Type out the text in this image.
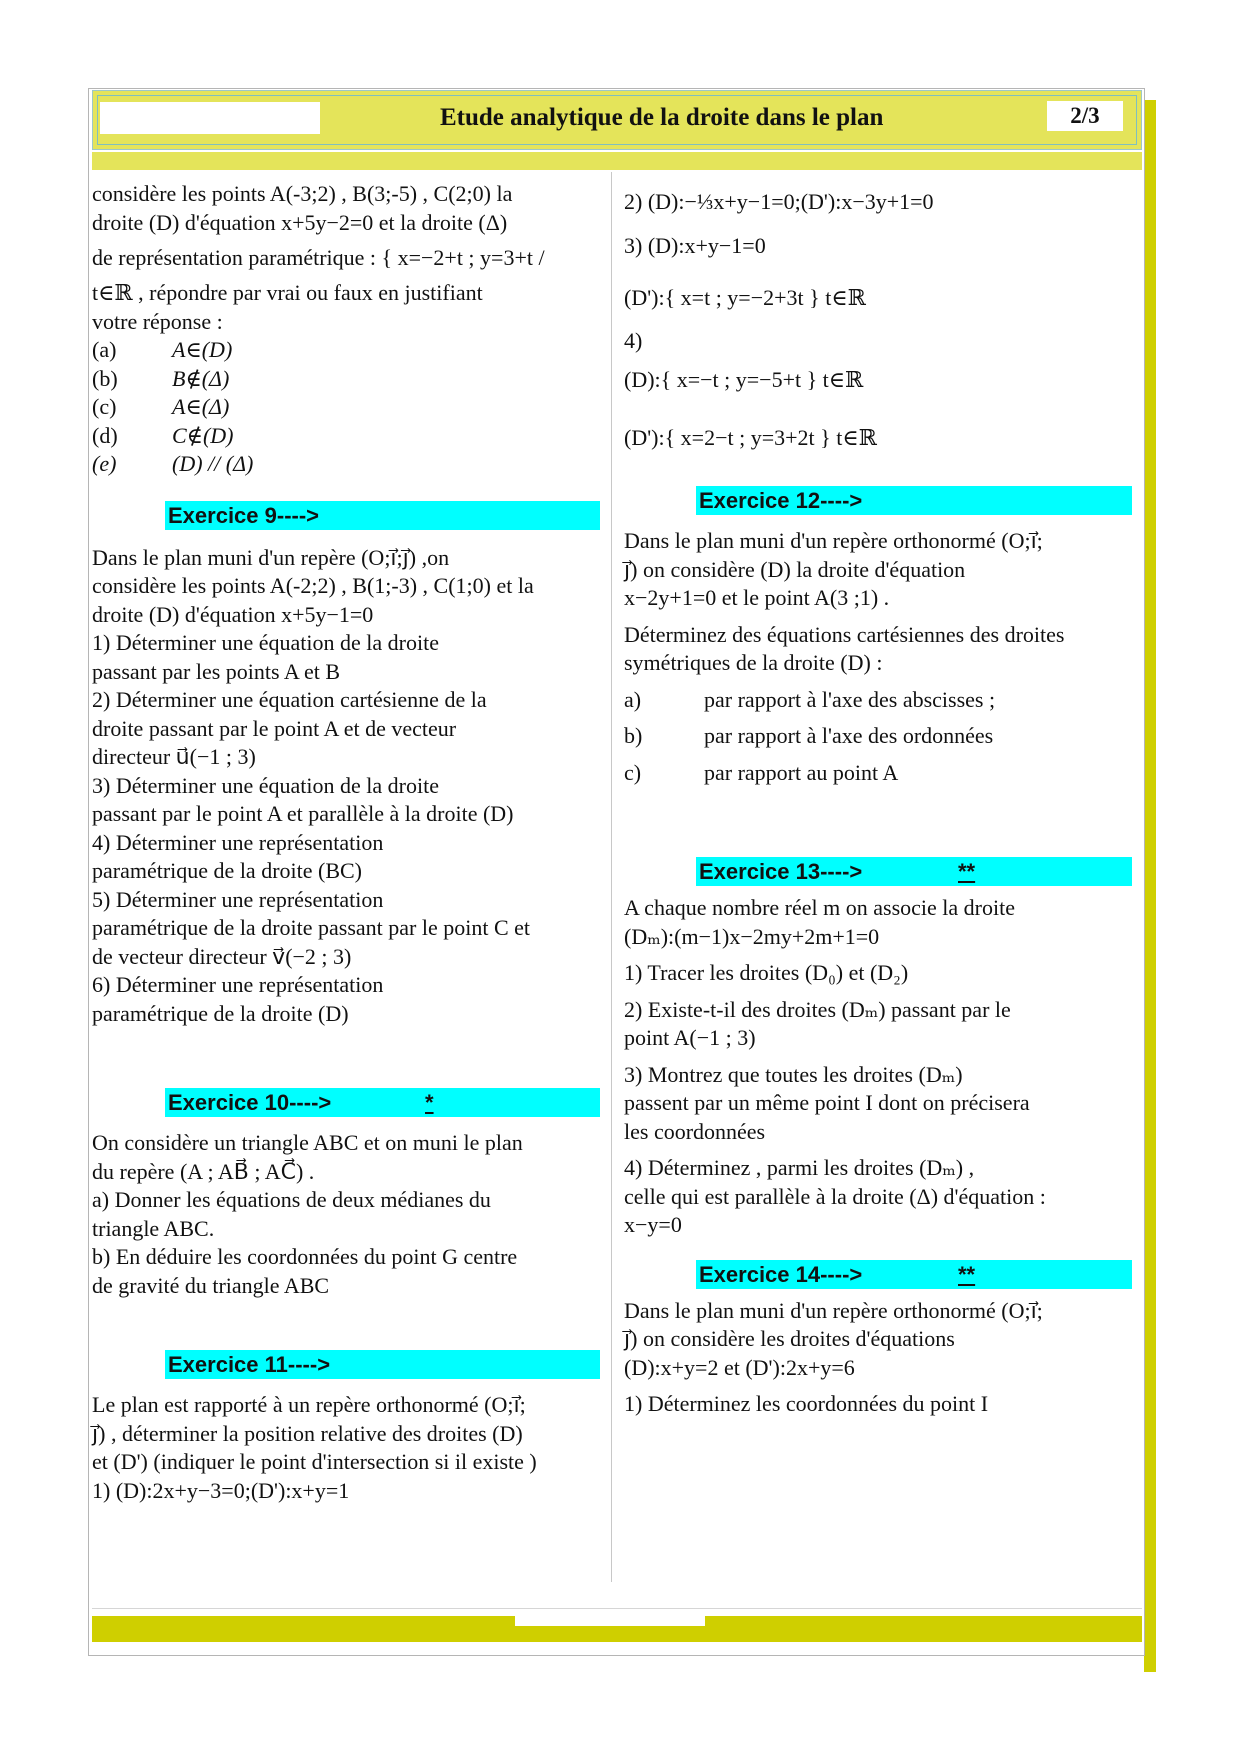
Etude analytique de la droite dans le plan	2/3

considère les points A(-3;2) , B(3;-5) , C(2;0) la

droite (D) d'équation x+5y−2=0 et la droite (Δ)

de représentation paramétrique : { x=−2+t ; y=3+t /

t∈ℝ , répondre par vrai ou faux en justifiant

votre réponse :

(a)	A∈(D)
(b)	B∉(Δ)
(c)	A∈(Δ)
(d)	C∉(D)
(e)	(D) // (Δ)
Exercice 9---->

Dans le plan muni d'un repère (O;i⃗;j⃗) ,on

considère les points A(-2;2) , B(1;-3) , C(1;0) et la

droite (D) d'équation x+5y−1=0

1) Déterminer une équation de la droite

passant par les points A et B

2) Déterminer une équation cartésienne de la

droite passant par le point A et de vecteur

directeur u⃗(−1 ; 3)

3) Déterminer une équation de la droite

passant par le point A et parallèle à la droite (D)

4) Déterminer une représentation

paramétrique de la droite (BC)

5) Déterminer une représentation

paramétrique de la droite passant par le point C et

de vecteur directeur v⃗(−2 ; 3)

6) Déterminer une représentation

paramétrique de la droite (D)

Exercice 10---->	*

On considère un triangle ABC et on muni le plan

du repère (A ; AB⃗ ; AC⃗) .

a) Donner les équations de deux médianes du

triangle ABC.

b) En déduire les coordonnées du point G centre

de gravité du triangle ABC

Exercice 11---->

Le plan est rapporté à un repère orthonormé (O;i⃗;

j⃗) , déterminer la position relative des droites (D)

et (D') (indiquer le point d'intersection si il existe )

1) (D):2x+y−3=0;(D'):x+y=1

2) (D):−⅓x+y−1=0;(D'):x−3y+1=0

3) (D):x+y−1=0

(D'):{ x=t ; y=−2+3t } t∈ℝ

4)

(D):{ x=−t ; y=−5+t } t∈ℝ

(D'):{ x=2−t ; y=3+2t } t∈ℝ

Exercice 12---->

Dans le plan muni d'un repère orthonormé (O;i⃗;

j⃗) on considère (D) la droite d'équation

x−2y+1=0 et le point A(3 ;1) .

Déterminez des équations cartésiennes des droites

symétriques de la droite (D) :

a)	par rapport à l'axe des abscisses ;
b)	par rapport à l'axe des ordonnées
c)	par rapport au point A
Exercice 13---->	**

A chaque nombre réel m on associe la droite

(Dₘ):(m−1)x−2my+2m+1=0

1) Tracer les droites (D₀) et (D₂)

2) Existe-t-il des droites (Dₘ) passant par le

point A(−1 ; 3)

3) Montrez que toutes les droites (Dₘ)

passent par un même point I dont on précisera

les coordonnées

4) Déterminez , parmi les droites (Dₘ) ,

celle qui est parallèle à la droite (Δ) d'équation :

x−y=0

Exercice 14---->	**

Dans le plan muni d'un repère orthonormé (O;i⃗;

j⃗) on considère les droites d'équations

(D):x+y=2 et (D'):2x+y=6

1) Déterminez les coordonnées du point I
